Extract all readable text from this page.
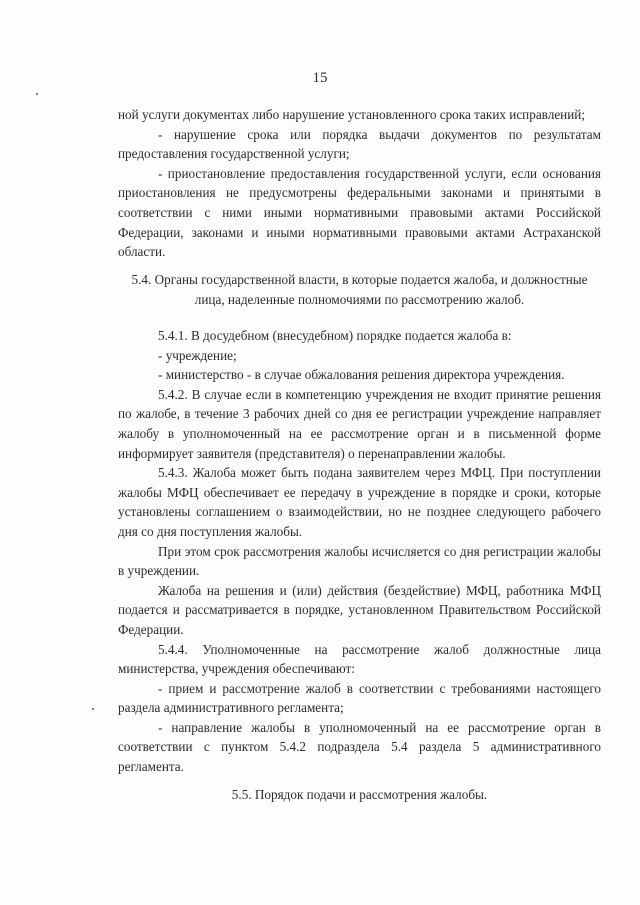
15

ной услуги документах либо нарушение установленного срока таких исправлений;

- нарушение срока или порядка выдачи документов по результатам предоставления государственной услуги;

- приостановление предоставления государственной услуги, если основания приостановления не предусмотрены федеральными законами и принятыми в соответствии с ними иными нормативными правовыми актами Российской Федерации, законами и иными нормативными правовыми актами Астраханской области.

5.4. Органы государственной власти, в которые подается жалоба, и должностные лица, наделенные полномочиями по рассмотрению жалоб.

5.4.1. В досудебном (внесудебном) порядке подается жалоба в:

- учреждение;

- министерство - в случае обжалования решения директора учреждения.

5.4.2. В случае если в компетенцию учреждения не входит принятие решения по жалобе, в течение 3 рабочих дней со дня ее регистрации учреждение направляет жалобу в уполномоченный на ее рассмотрение орган и в письменной форме информирует заявителя (представителя) о перенаправлении жалобы.

5.4.3. Жалоба может быть подана заявителем через МФЦ. При поступлении жалобы МФЦ обеспечивает ее передачу в учреждение в порядке и сроки, которые установлены соглашением о взаимодействии, но не позднее следующего рабочего дня со дня поступления жалобы.

При этом срок рассмотрения жалобы исчисляется со дня регистрации жалобы в учреждении.

Жалоба на решения и (или) действия (бездействие) МФЦ, работника МФЦ подается и рассматривается в порядке, установленном Правительством Российской Федерации.

5.4.4. Уполномоченные на рассмотрение жалоб должностные лица министерства, учреждения обеспечивают:

- прием и рассмотрение жалоб в соответствии с требованиями настоящего раздела административного регламента;

- направление жалобы в уполномоченный на ее рассмотрение орган в соответствии с пунктом 5.4.2 подраздела 5.4 раздела 5 административного регламента.

5.5. Порядок подачи и рассмотрения жалобы.
